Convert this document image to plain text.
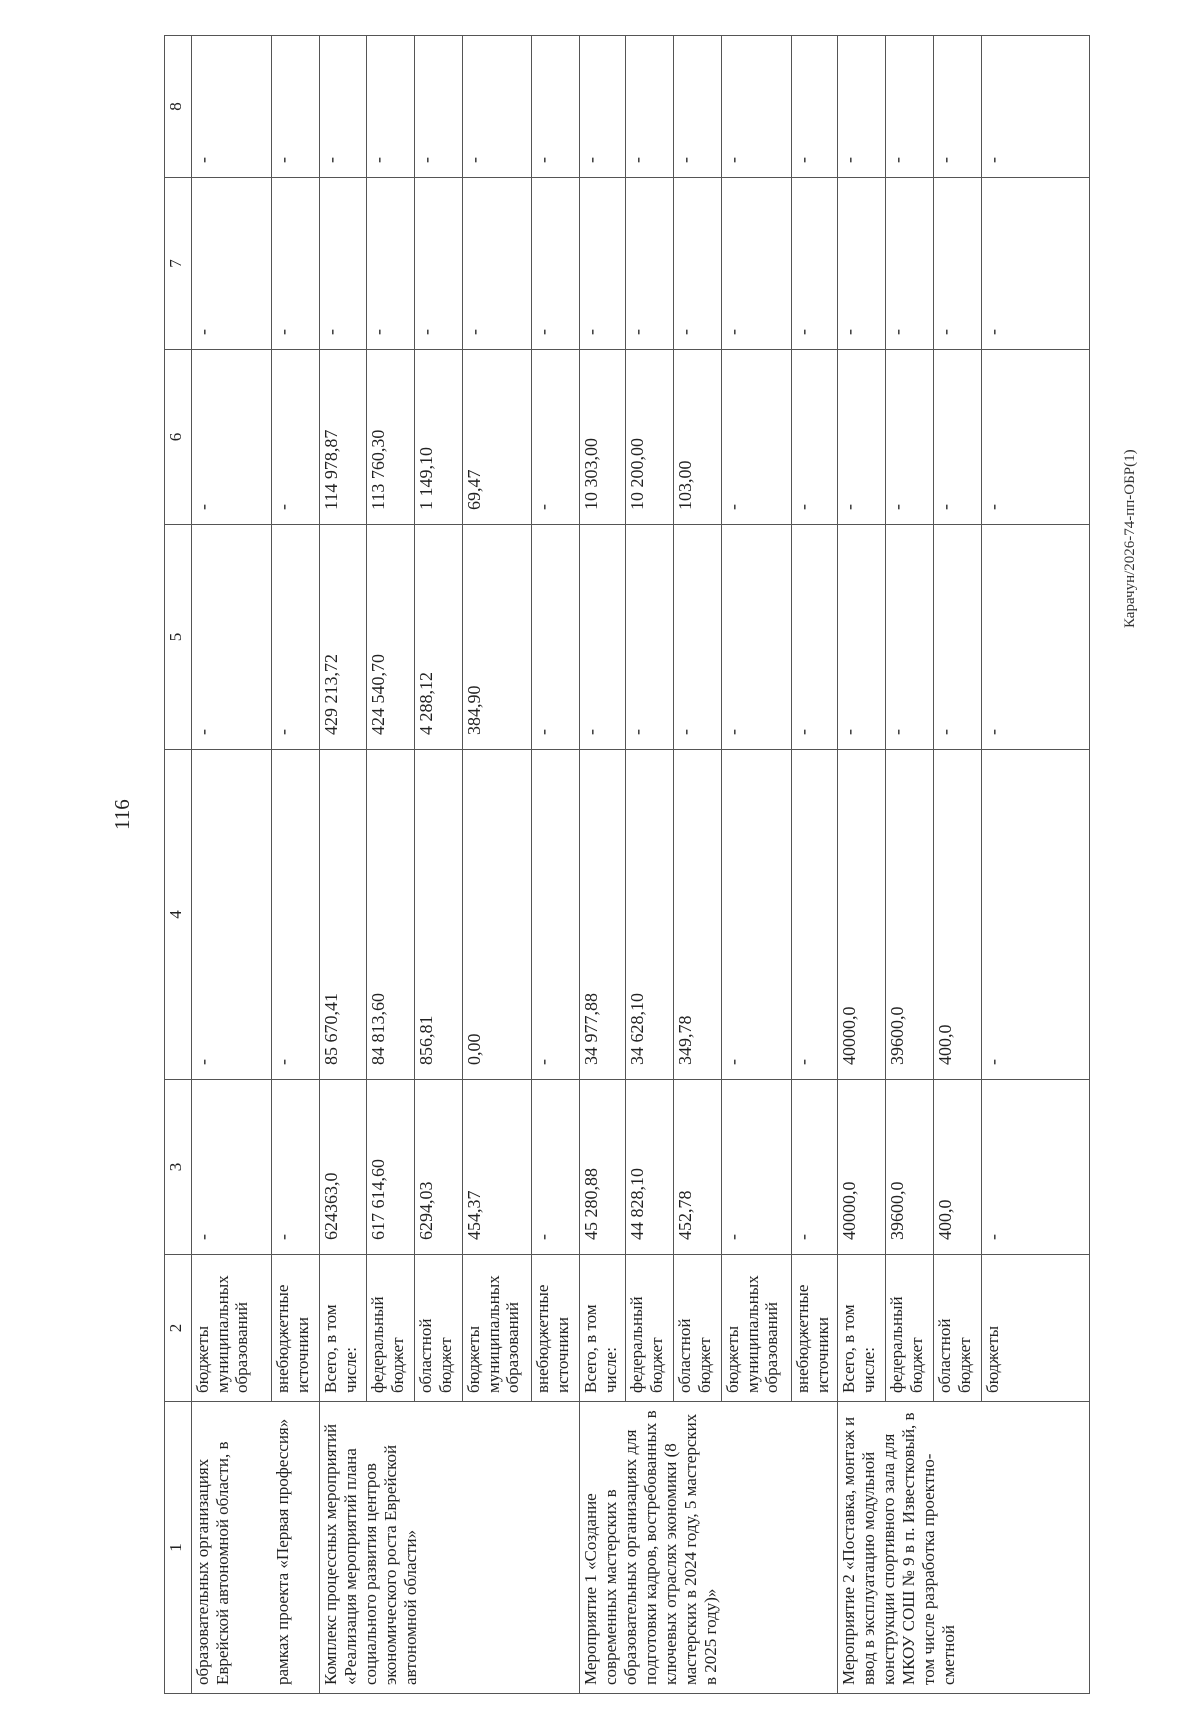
116
Карачун/2026-74-пп-ОБР(1)
1	2	3	4	5	6	7	8
образовательных организациях Еврейской автономной области, в	бюджеты муниципальных образований	-	-	-	-	-	-
рамках проекта «Первая профессия»	внебюджетные источники	-	-	-	-	-	-
Комплекс процессных мероприятий «Реализация мероприятий плана социального развития центров экономического роста Еврейской автономной области»	Всего, в том числе:	624363,0	85 670,41	429 213,72	114 978,87	-	-
	федеральный бюджет	617 614,60	84 813,60	424 540,70	113 760,30	-	-
	областной бюджет	6294,03	856,81	4 288,12	1 149,10	-	-
	бюджеты муниципальных образований	454,37	0,00	384,90	69,47	-	-
	внебюджетные источники	-	-	-	-	-	-
Мероприятие 1 «Создание современных мастерских в образовательных организациях для подготовки кадров, востребованных в ключевых отраслях экономики (8 мастерских в 2024 году, 5 мастерских в 2025 году)»	Всего, в том числе:	45 280,88	34 977,88	-	10 303,00	-	-
	федеральный бюджет	44 828,10	34 628,10	-	10 200,00	-	-
	областной бюджет	452,78	349,78	-	103,00	-	-
	бюджеты муниципальных образований	-	-	-	-	-	-
	внебюджетные источники	-	-	-	-	-	-
Мероприятие 2 «Поставка, монтаж и ввод в эксплуатацию модульной конструкции спортивного зала для МКОУ СОШ № 9 в п. Известковый, в том числе разработка проектно-сметной	Всего, в том числе:	40000,0	40000,0	-	-	-	-
	федеральный бюджет	39600,0	39600,0	-	-	-	-
	областной бюджет	400,0	400,0	-	-	-	-
	бюджеты	-	-	-	-	-	-
